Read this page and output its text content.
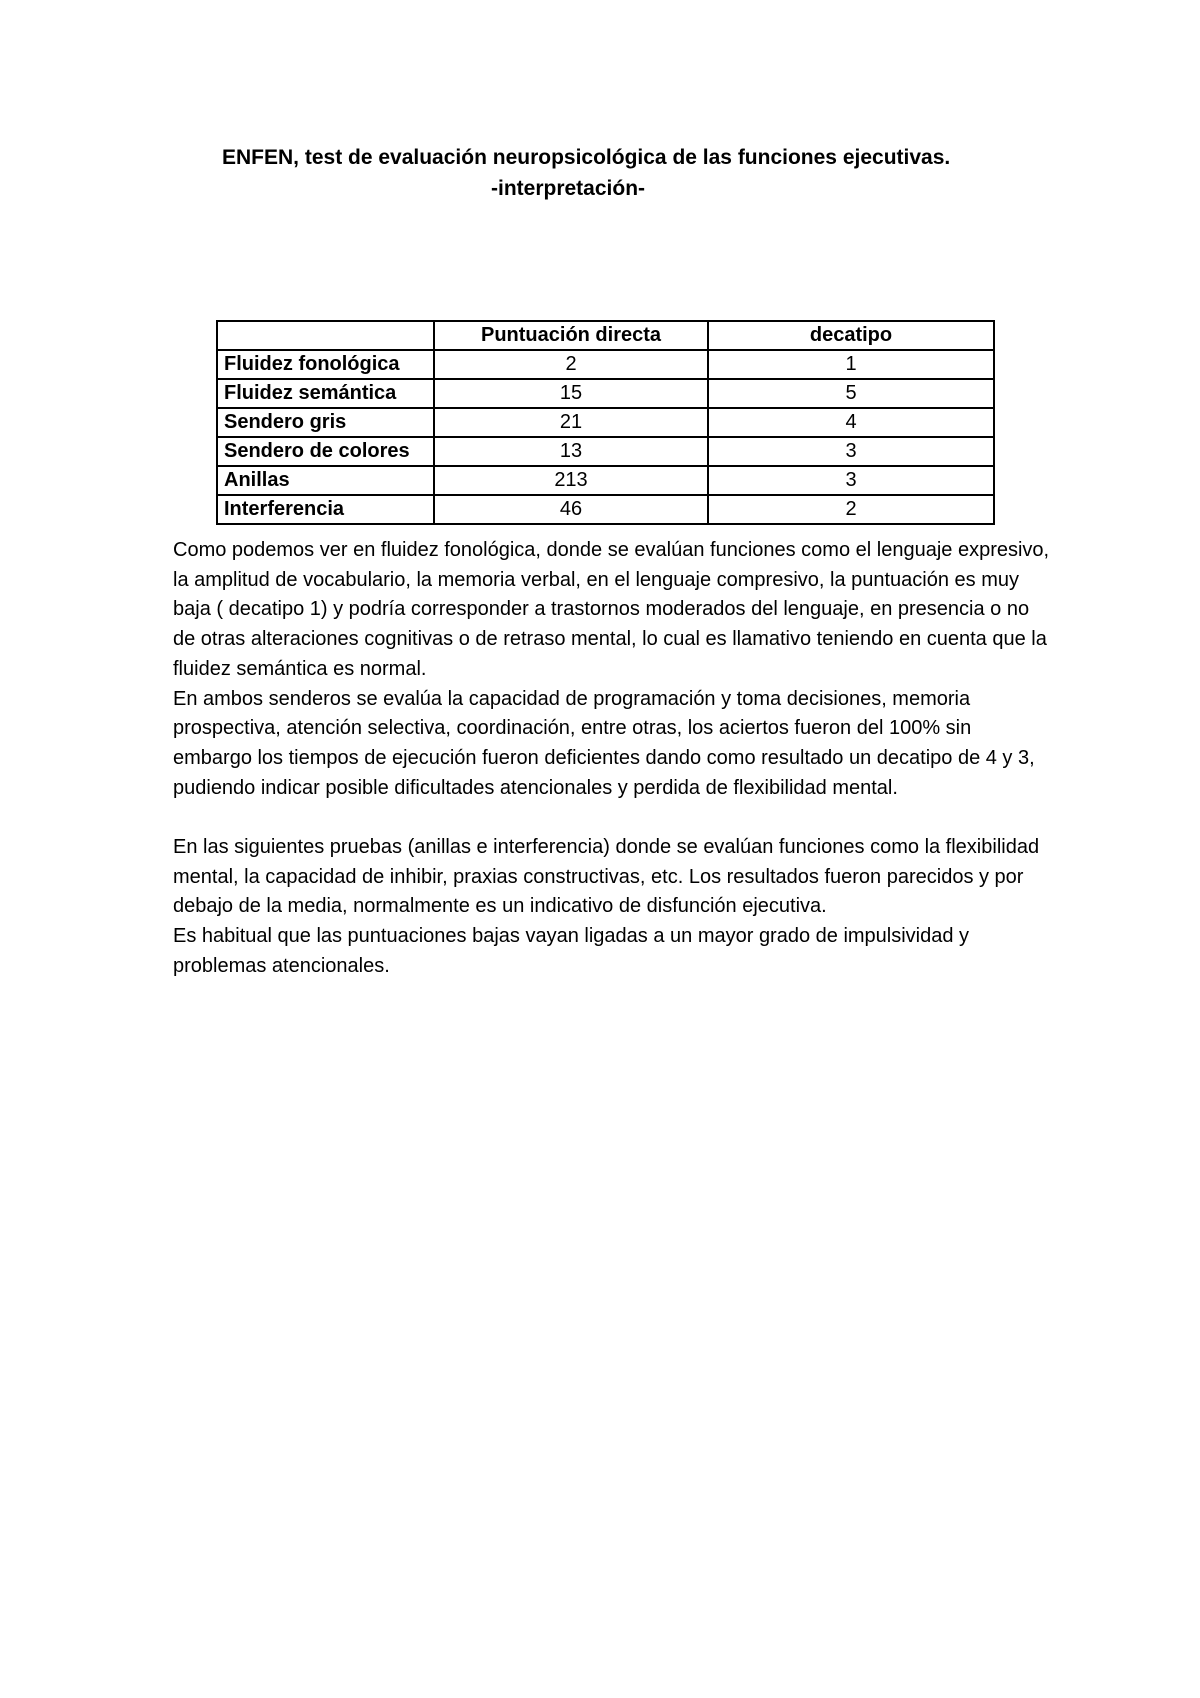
ENFEN, test de evaluación neuropsicológica de las funciones ejecutivas.
-interpretación-
	Puntuación directa	decatipo
Fluidez fonológica	2	1
Fluidez semántica	15	5
Sendero gris	21	4
Sendero de colores	13	3
Anillas	213	3
Interferencia	46	2

Como podemos ver en fluidez fonológica, donde se evalúan funciones como el lenguaje expresivo, la amplitud de vocabulario, la memoria verbal, en el lenguaje compresivo, la puntuación es muy baja ( decatipo 1) y podría corresponder a trastornos moderados del lenguaje, en presencia o no de otras alteraciones cognitivas o de retraso mental, lo cual es llamativo teniendo en cuenta que la fluidez semántica es normal.

En ambos senderos se evalúa la capacidad de programación y toma decisiones, memoria prospectiva, atención selectiva, coordinación, entre otras, los aciertos fueron del 100% sin embargo los tiempos de ejecución fueron deficientes dando como resultado un decatipo de 4 y 3, pudiendo indicar posible dificultades atencionales y perdida de flexibilidad mental.

En las siguientes pruebas (anillas e interferencia) donde se evalúan funciones como la flexibilidad mental, la capacidad de inhibir, praxias constructivas, etc. Los resultados fueron parecidos y por debajo de la media, normalmente es un indicativo de disfunción ejecutiva.

Es habitual que las puntuaciones bajas vayan ligadas a un mayor grado de impulsividad y problemas atencionales.
